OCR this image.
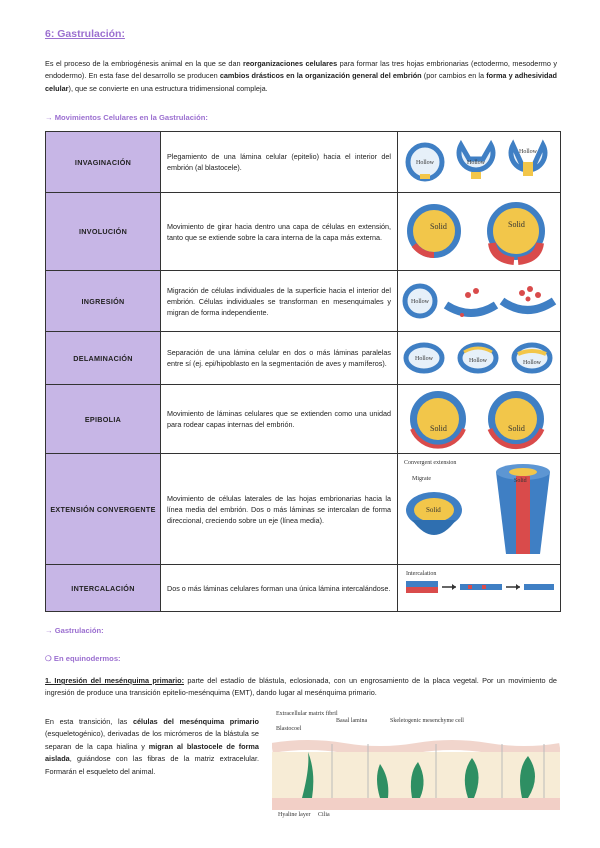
6: Gastrulación:
Es el proceso de la embriogénesis animal en la que se dan reorganizaciones celulares para formar las tres hojas embrionarias (ectodermo, mesodermo y endodermo). En esta fase del desarrollo se producen cambios drásticos en la organización general del embrión (por cambios en la forma y adhesividad celular), que se convierte en una estructura tridimensional compleja.
→ Movimientos Celulares en la Gastrulación:
INVAGINACIÓN	Plegamiento de una lámina celular (epitelio) hacia el interior del embrión (al blastocele).	Hollow Hollow
Hollow

INVOLUCIÓN	Movimiento de girar hacia dentro una capa de células en extensión, tanto que se extiende sobre la cara interna de la capa más externa.	Solid Solid

INGRESIÓN	Migración de células individuales de la superficie hacia el interior del embrión. Células individuales se transforman en mesenquimales y migran de forma independiente.	Hollow

DELAMINACIÓN	Separación de una lámina celular en dos o más láminas paralelas entre sí (ej. epi/hipoblasto en la segmentación de aves y mamíferos).	Hollow Hollow Hollow

EPIBOLIA	Movimiento de láminas celulares que se extienden como una unidad para rodear capas internas del embrión.	Solid Solid

EXTENSIÓN CONVERGENTE	Movimiento de células laterales de las hojas embrionarias hacia la línea media del embrión. Dos o más láminas se intercalan de forma direccional, creciendo sobre un eje (línea media).	Convergent extension
Migrate
Solid
Solid

INTERCALACIÓN	Dos o más láminas celulares forman una única lámina intercalándose.	Intercalation
→ Gastrulación:
❍ En equinodermos:
1. Ingresión del mesénquima primario: parte del estadío de blástula, eclosionada, con un engrosamiento de la placa vegetal. Por un movimiento de ingresión de produce una transición epitelio-mesénquima (EMT), dando lugar al mesénquima primario.
En esta transición, las células del mesénquima primario (esqueletogénico), derivadas de los micrómeros de la blástula se separan de la capa hialina y migran al blastocele de forma aislada, guiándose con las fibras de la matriz extracelular. Formarán el esqueleto del animal.
Extracellular matrix fibril
Blastocoel
Basal lamina	Skeletogenic mesenchyme cell
Hyaline layer Cilia
